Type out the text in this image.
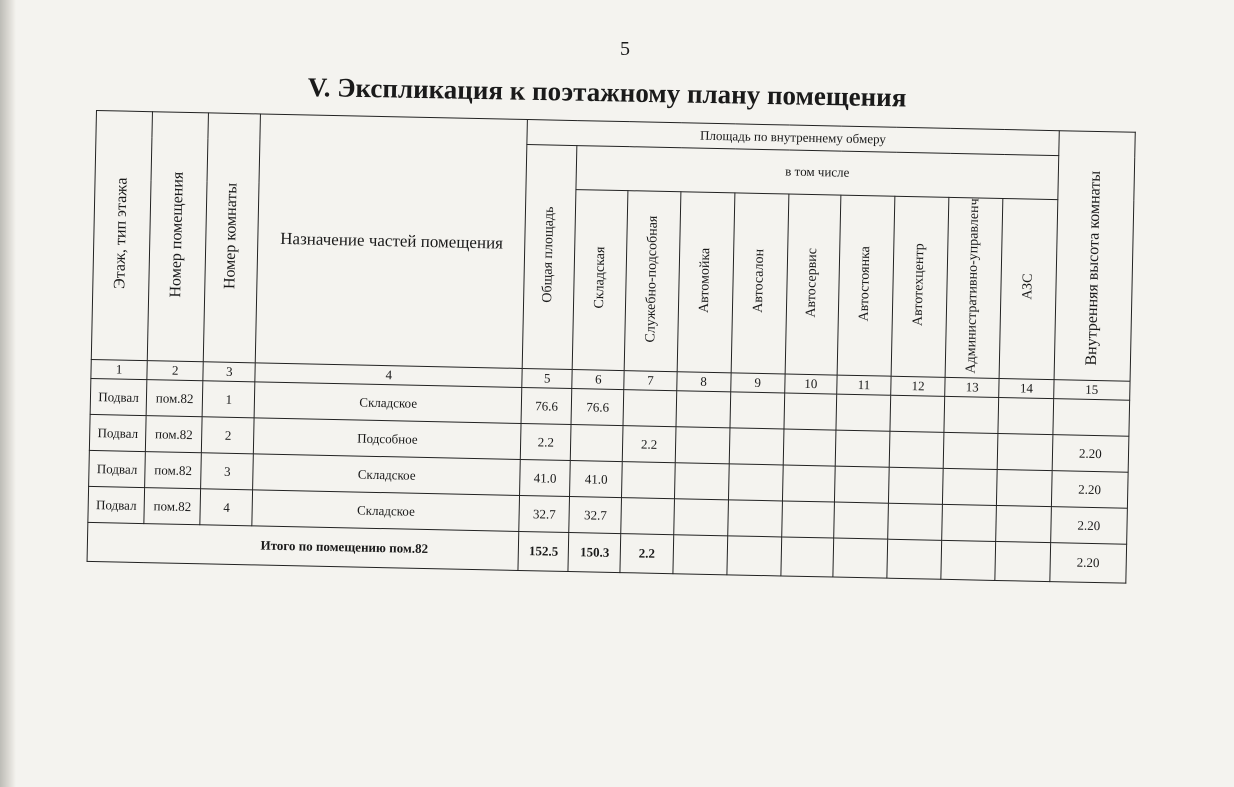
5
V. Экспликация к поэтажному плану помещения
Этаж, тип этажа	Номер помещения	Номер комнаты	Назначение частей помещения	Площадь по внутреннему обмеру										Внутренняя высота комнаты
				Общая площадь	в том числе									
					Складская	Служебно-подсобная	Автомойка	Автосалон	Автосервис	Автостоянка	Автотехцентр	Административно-управленч	АЗС	
1	2	3	4	5	6	7	8	9	10	11	12	13	14	15
Подвал	пом.82	1	Складское	76.6	76.6									
Подвал	пом.82	2	Подсобное	2.2		2.2								2.20
Подвал	пом.82	3	Складское	41.0	41.0									2.20
Подвал	пом.82	4	Складское	32.7	32.7									2.20
Итого по помещению пом.82				152.5	150.3	2.2								2.20
